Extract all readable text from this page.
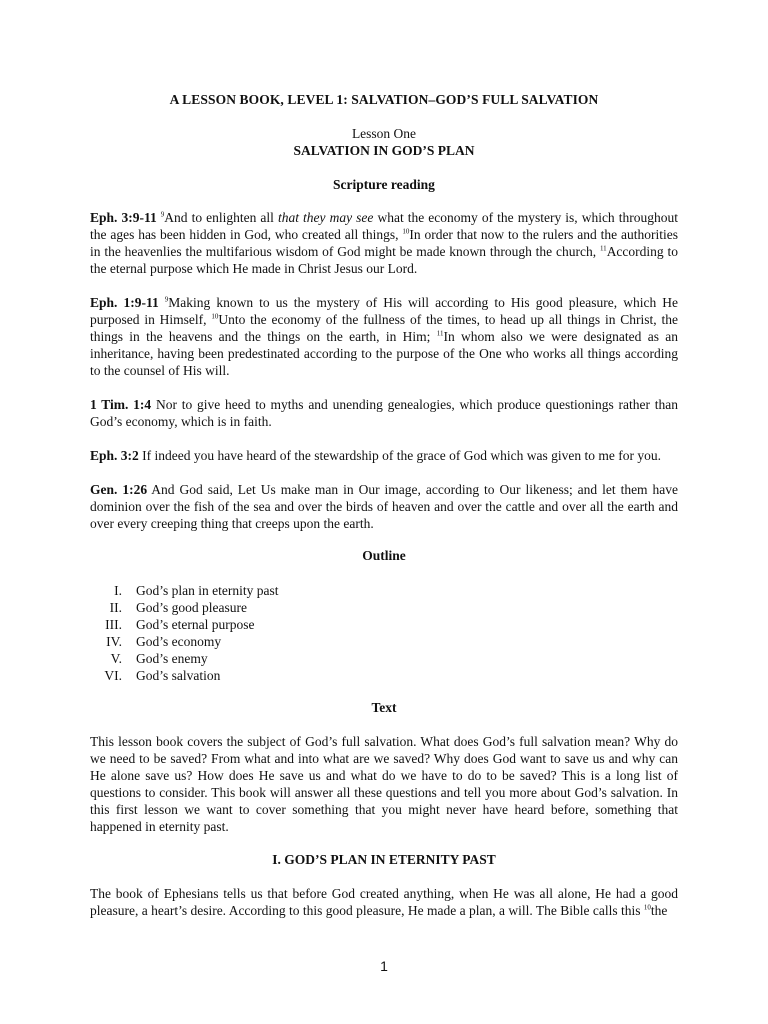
A LESSON BOOK, LEVEL 1: SALVATION–GOD’S FULL SALVATION
Lesson One
SALVATION IN GOD’S PLAN
Scripture reading

Eph. 3:9-11 $^9$And to enlighten all that they may see what the economy of the mystery is, which throughout the ages has been hidden in God, who created all things, $^{10}$In order that now to the rulers and the authorities in the heavenlies the multifarious wisdom of God might be made known through the church, $^{11}$According to the eternal purpose which He made in Christ Jesus our Lord.

Eph. 1:9-11 $^9$Making known to us the mystery of His will according to His good pleasure, which He purposed in Himself, $^{10}$Unto the economy of the fullness of the times, to head up all things in Christ, the things in the heavens and the things on the earth, in Him; $^{11}$In whom also we were designated as an inheritance, having been predestinated according to the purpose of the One who works all things according to the counsel of His will.

1 Tim. 1:4 Nor to give heed to myths and unending genealogies, which produce questionings rather than God’s economy, which is in faith.

Eph. 3:2 If indeed you have heard of the stewardship of the grace of God which was given to me for you.

Gen. 1:26 And God said, Let Us make man in Our image, according to Our likeness; and let them have dominion over the fish of the sea and over the birds of heaven and over the cattle and over all the earth and over every creeping thing that creeps upon the earth.

Outline
I.	God’s plan in eternity past
II.	God’s good pleasure
III.	God’s eternal purpose
IV.	God’s economy
V.	God’s enemy
VI.	God’s salvation
Text

This lesson book covers the subject of God’s full salvation. What does God’s full salvation mean? Why do we need to be saved? From what and into what are we saved? Why does God want to save us and why can He alone save us? How does He save us and what do we have to do to be saved? This is a long list of questions to consider. This book will answer all these questions and tell you more about God’s salvation. In this first lesson we want to cover something that you might never have heard before, something that happened in eternity past.

I. GOD’S PLAN IN ETERNITY PAST

The book of Ephesians tells us that before God created anything, when He was all alone, He had a good pleasure, a heart’s desire. According to this good pleasure, He made a plan, a will. The Bible calls this $^{10}$the

1
